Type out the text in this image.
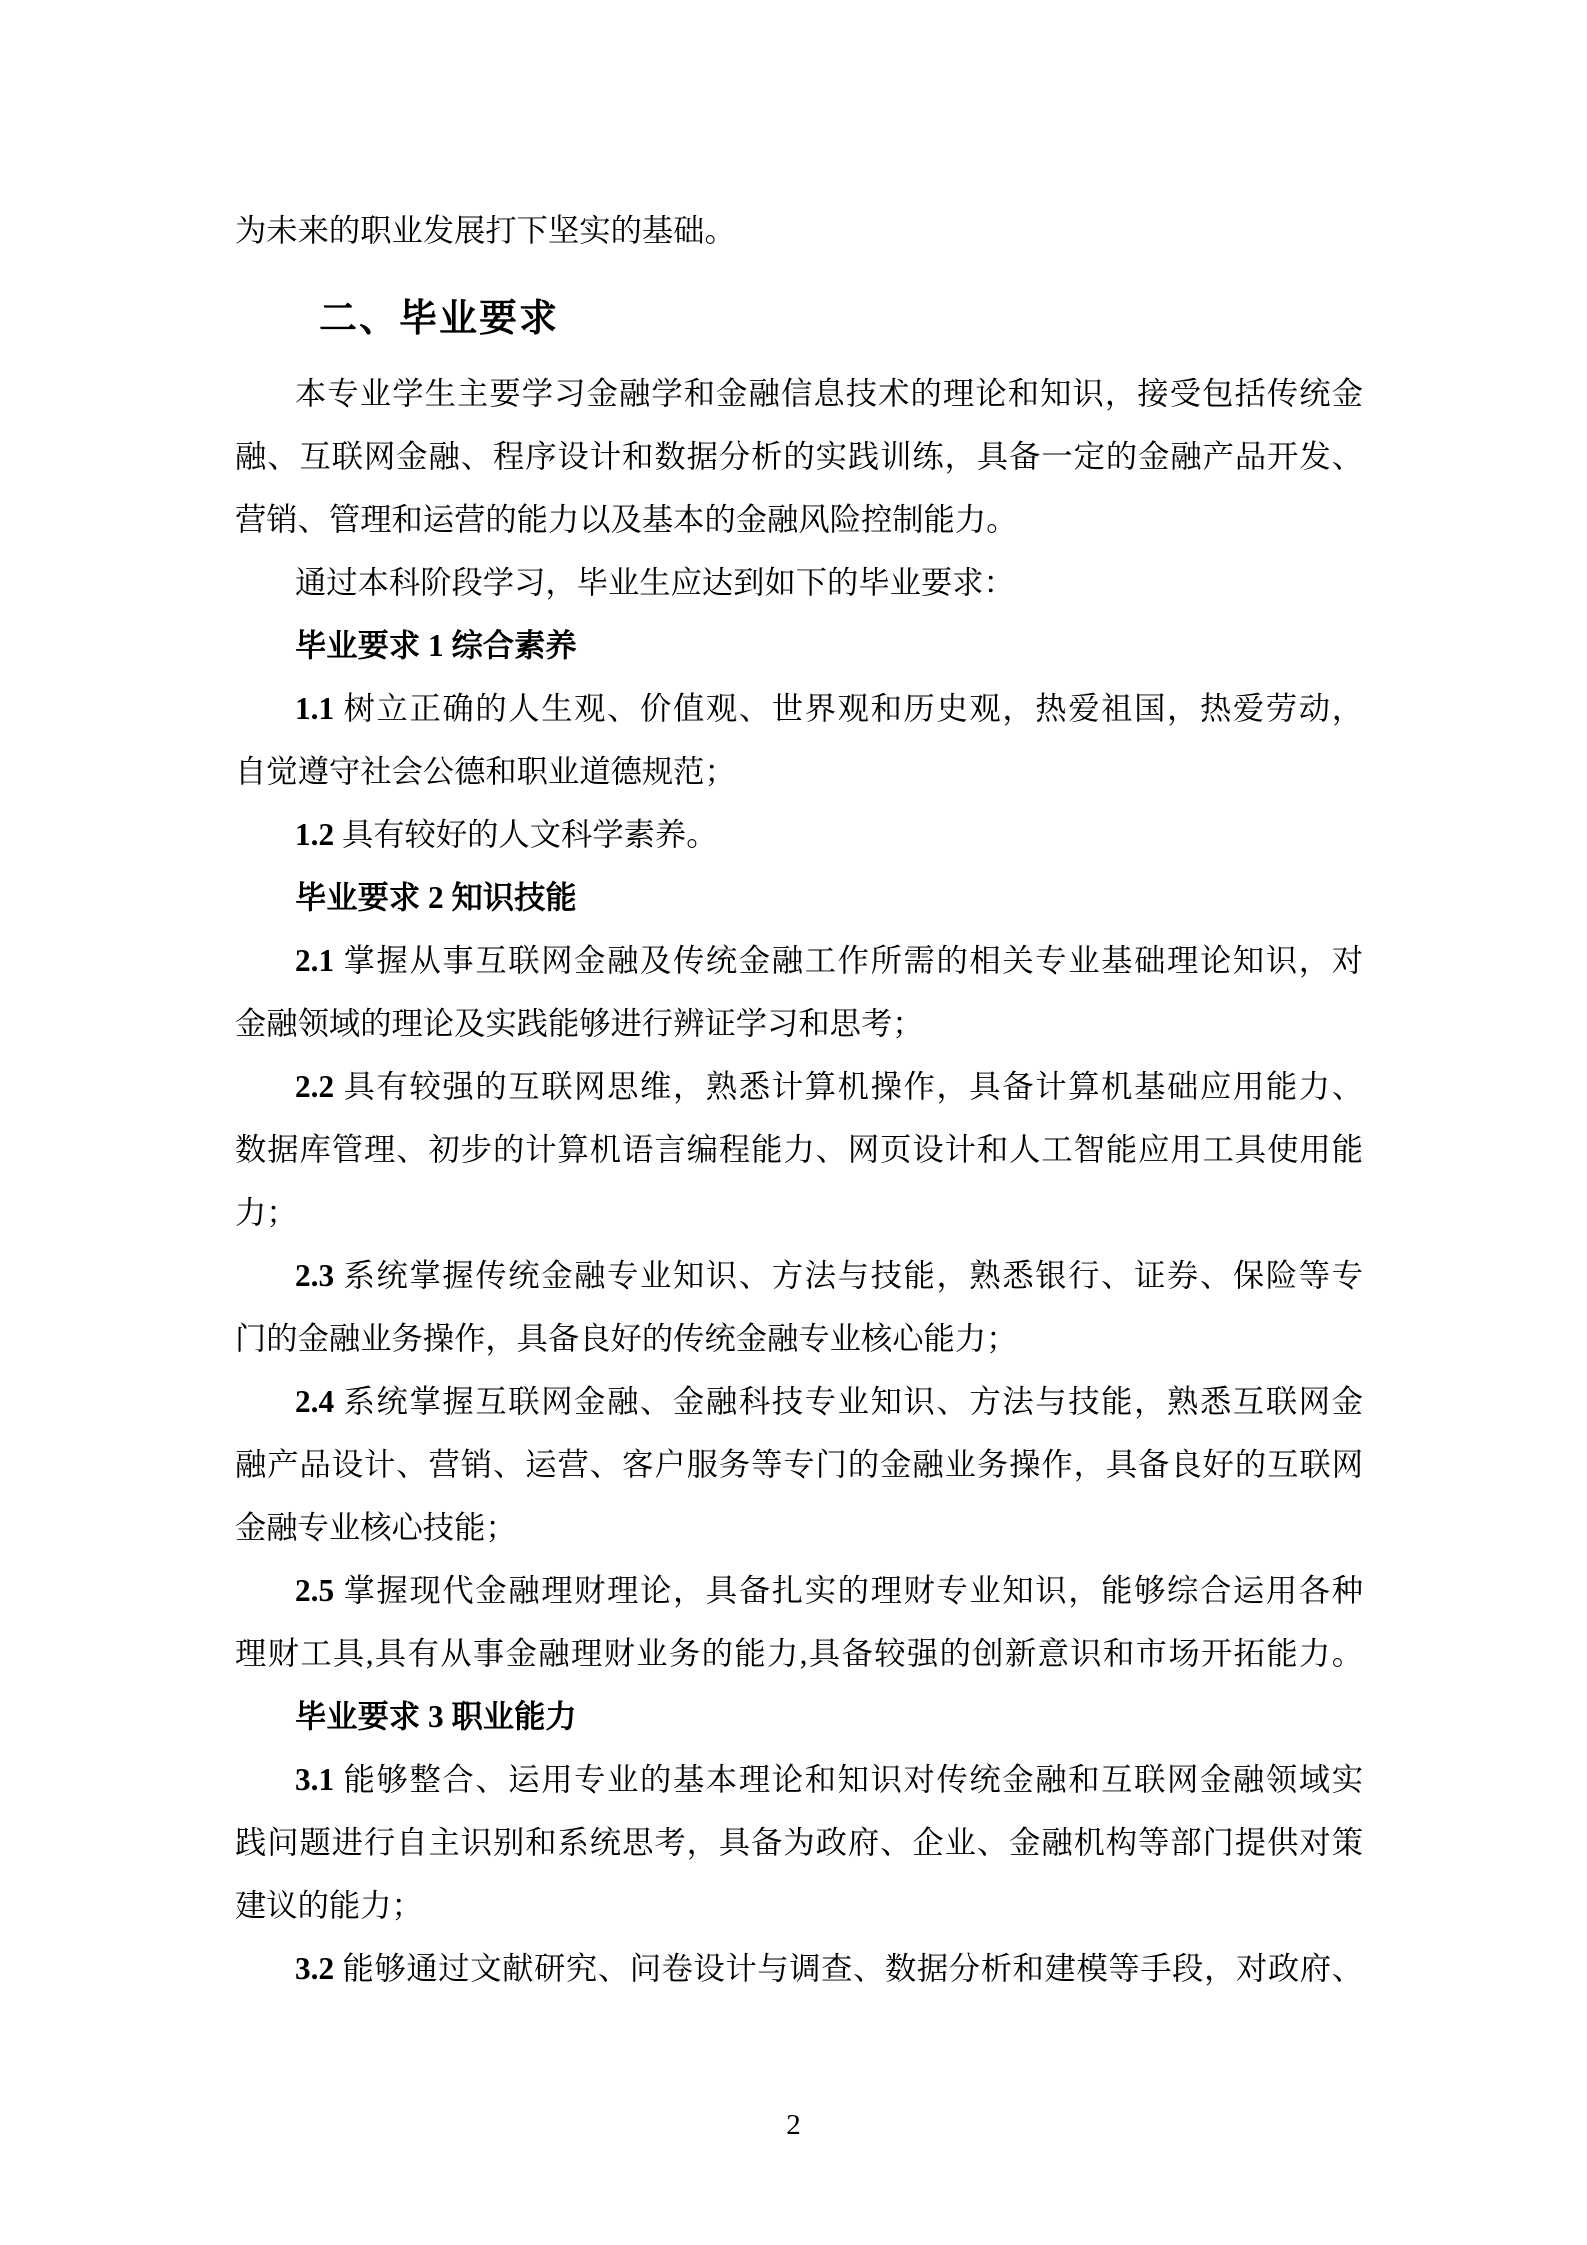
为未来的职业发展打下坚实的基础。
二、毕业要求
本专业学生主要学习金融学和金融信息技术的理论和知识，接受包括传统金
融、互联网金融、程序设计和数据分析的实践训练，具备一定的金融产品开发、
营销、管理和运营的能力以及基本的金融风险控制能力。
通过本科阶段学习，毕业生应达到如下的毕业要求：
毕业要求 1 综合素养
1.1 树立正确的人生观、价值观、世界观和历史观，热爱祖国，热爱劳动，
自觉遵守社会公德和职业道德规范；
1.2 具有较好的人文科学素养。
毕业要求 2 知识技能
2.1 掌握从事互联网金融及传统金融工作所需的相关专业基础理论知识，对
金融领域的理论及实践能够进行辨证学习和思考；
2.2 具有较强的互联网思维，熟悉计算机操作，具备计算机基础应用能力、
数据库管理、初步的计算机语言编程能力、网页设计和人工智能应用工具使用能
力；
2.3 系统掌握传统金融专业知识、方法与技能，熟悉银行、证券、保险等专
门的金融业务操作，具备良好的传统金融专业核心能力；
2.4 系统掌握互联网金融、金融科技专业知识、方法与技能，熟悉互联网金
融产品设计、营销、运营、客户服务等专门的金融业务操作，具备良好的互联网
金融专业核心技能；
2.5 掌握现代金融理财理论，具备扎实的理财专业知识，能够综合运用各种
理财工具,具有从事金融理财业务的能力,具备较强的创新意识和市场开拓能力。
毕业要求 3 职业能力
3.1 能够整合、运用专业的基本理论和知识对传统金融和互联网金融领域实
践问题进行自主识别和系统思考，具备为政府、企业、金融机构等部门提供对策
建议的能力；
3.2 能够通过文献研究、问卷设计与调查、数据分析和建模等手段，对政府、
2
